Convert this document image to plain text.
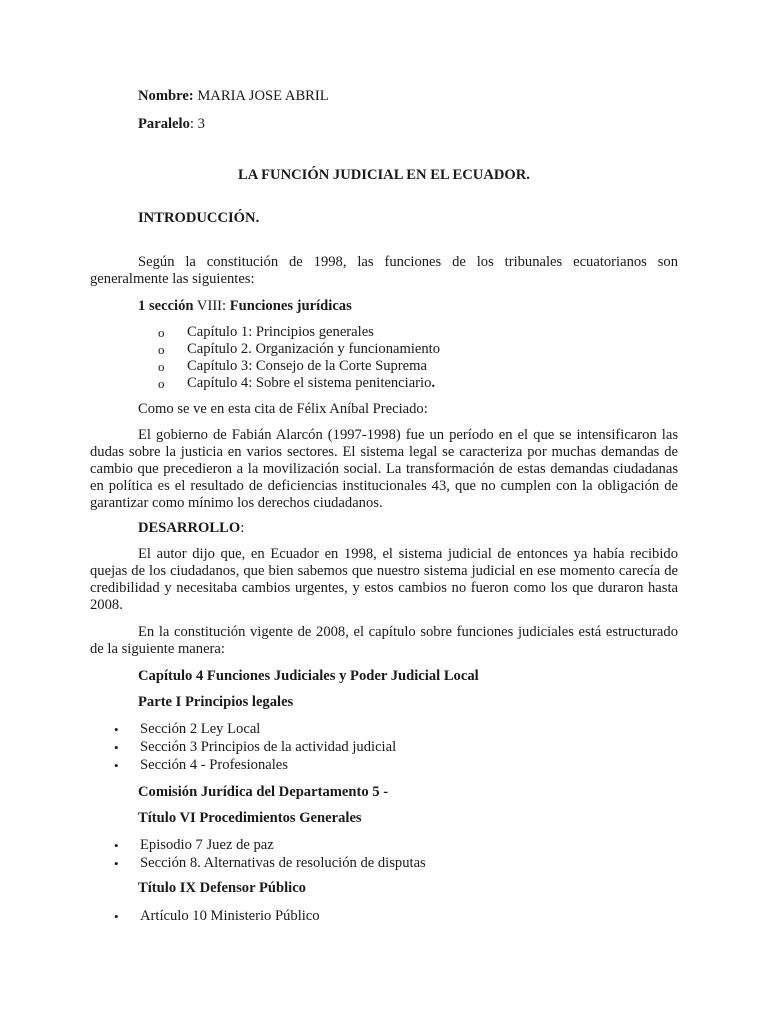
Nombre: MARIA JOSE ABRIL
Paralelo: 3
LA FUNCIÓN JUDICIAL EN EL ECUADOR.
INTRODUCCIÓN.
Según la constitución de 1998, las funciones de los tribunales ecuatorianos son generalmente las siguientes:
1 sección VIII: Funciones jurídicas
o Capítulo 1: Principios generales
o Capítulo 2. Organización y funcionamiento
o Capítulo 3: Consejo de la Corte Suprema
o Capítulo 4: Sobre el sistema penitenciario.
Como se ve en esta cita de Félix Aníbal Preciado:
El gobierno de Fabián Alarcón (1997-1998) fue un período en el que se intensificaron las dudas sobre la justicia en varios sectores. El sistema legal se caracteriza por muchas demandas de cambio que precedieron a la movilización social. La transformación de estas demandas ciudadanas en política es el resultado de deficiencias institucionales 43, que no cumplen con la obligación de garantizar como mínimo los derechos ciudadanos.
DESARROLLO:
El autor dijo que, en Ecuador en 1998, el sistema judicial de entonces ya había recibido quejas de los ciudadanos, que bien sabemos que nuestro sistema judicial en ese momento carecía de credibilidad y necesitaba cambios urgentes, y estos cambios no fueron como los que duraron hasta 2008.
En la constitución vigente de 2008, el capítulo sobre funciones judiciales está estructurado de la siguiente manera:
Capítulo 4 Funciones Judiciales y Poder Judicial Local
Parte I Principios legales
• Sección 2 Ley Local
• Sección 3 Principios de la actividad judicial
• Sección 4 - Profesionales
Comisión Jurídica del Departamento 5 -
Título VI Procedimientos Generales
• Episodio 7 Juez de paz
• Sección 8. Alternativas de resolución de disputas
Título IX Defensor Público
• Artículo 10 Ministerio Público
